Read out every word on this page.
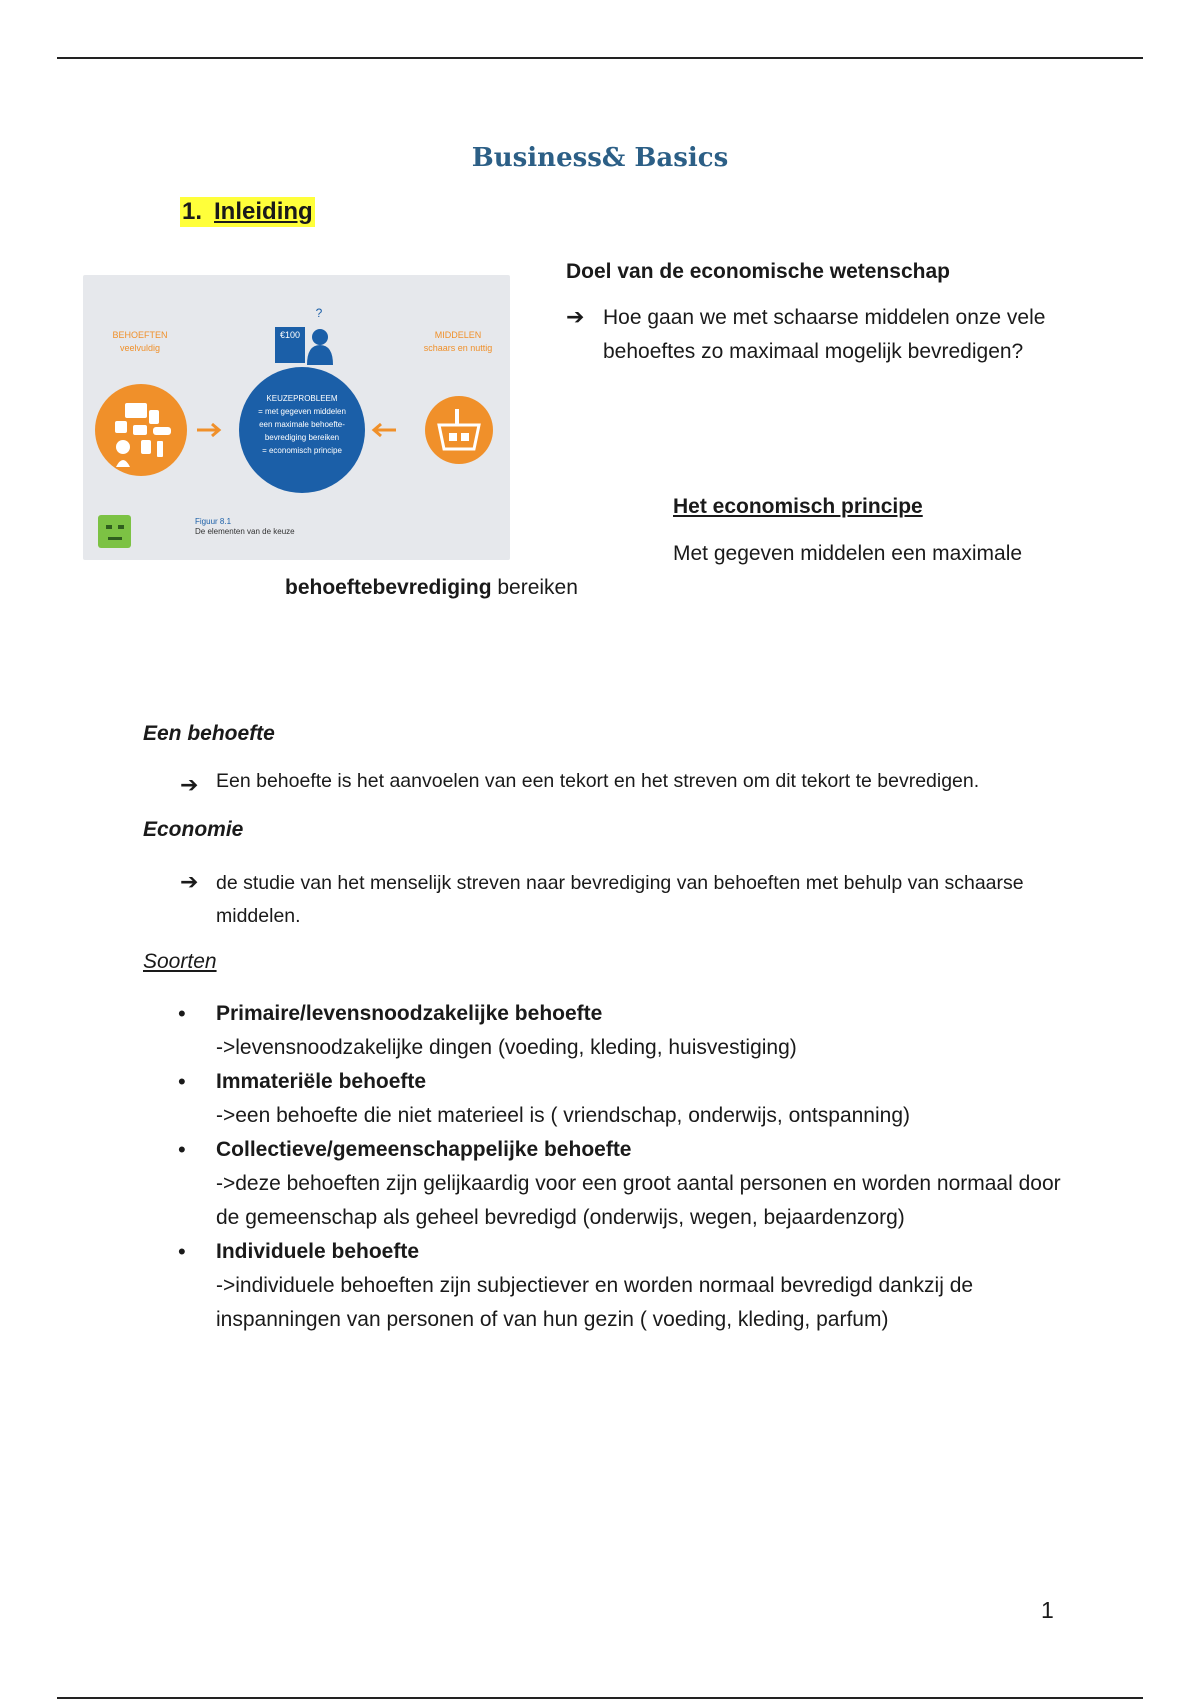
Business& Basics
1. Inleiding
BEHOEFTEN
veelvuldig
MIDDELEN
schaars en nuttig
?
€100
KEUZEPROBLEEM
= met gegeven middelen
een maximale behoefte-
bevrediging bereiken
= economisch principe
Figuur 8.1
De elementen van de keuze
Doel van de economische wetenschap
➔ Hoe gaan we met schaarse middelen onze vele behoeftes zo maximaal mogelijk bevredigen?
Het economisch principe
Met gegeven middelen een maximale
behoeftebevrediging bereiken
Een behoefte
➔ Een behoefte is het aanvoelen van een tekort en het streven om dit tekort te bevredigen.
Economie
➔ de studie van het menselijk streven naar bevrediging van behoeften met behulp van schaarse middelen.
Soorten
• Primaire/levensnoodzakelijke behoefte
->levensnoodzakelijke dingen (voeding, kleding, huisvestiging)
• Immateriële behoefte
->een behoefte die niet materieel is ( vriendschap, onderwijs, ontspanning)
• Collectieve/gemeenschappelijke behoefte
->deze behoeften zijn gelijkaardig voor een groot aantal personen en worden normaal door de gemeenschap als geheel bevredigd (onderwijs, wegen, bejaardenzorg)
• Individuele behoefte
->individuele behoeften zijn subjectiever en worden normaal bevredigd dankzij de inspanningen van personen of van hun gezin ( voeding, kleding, parfum)
1
